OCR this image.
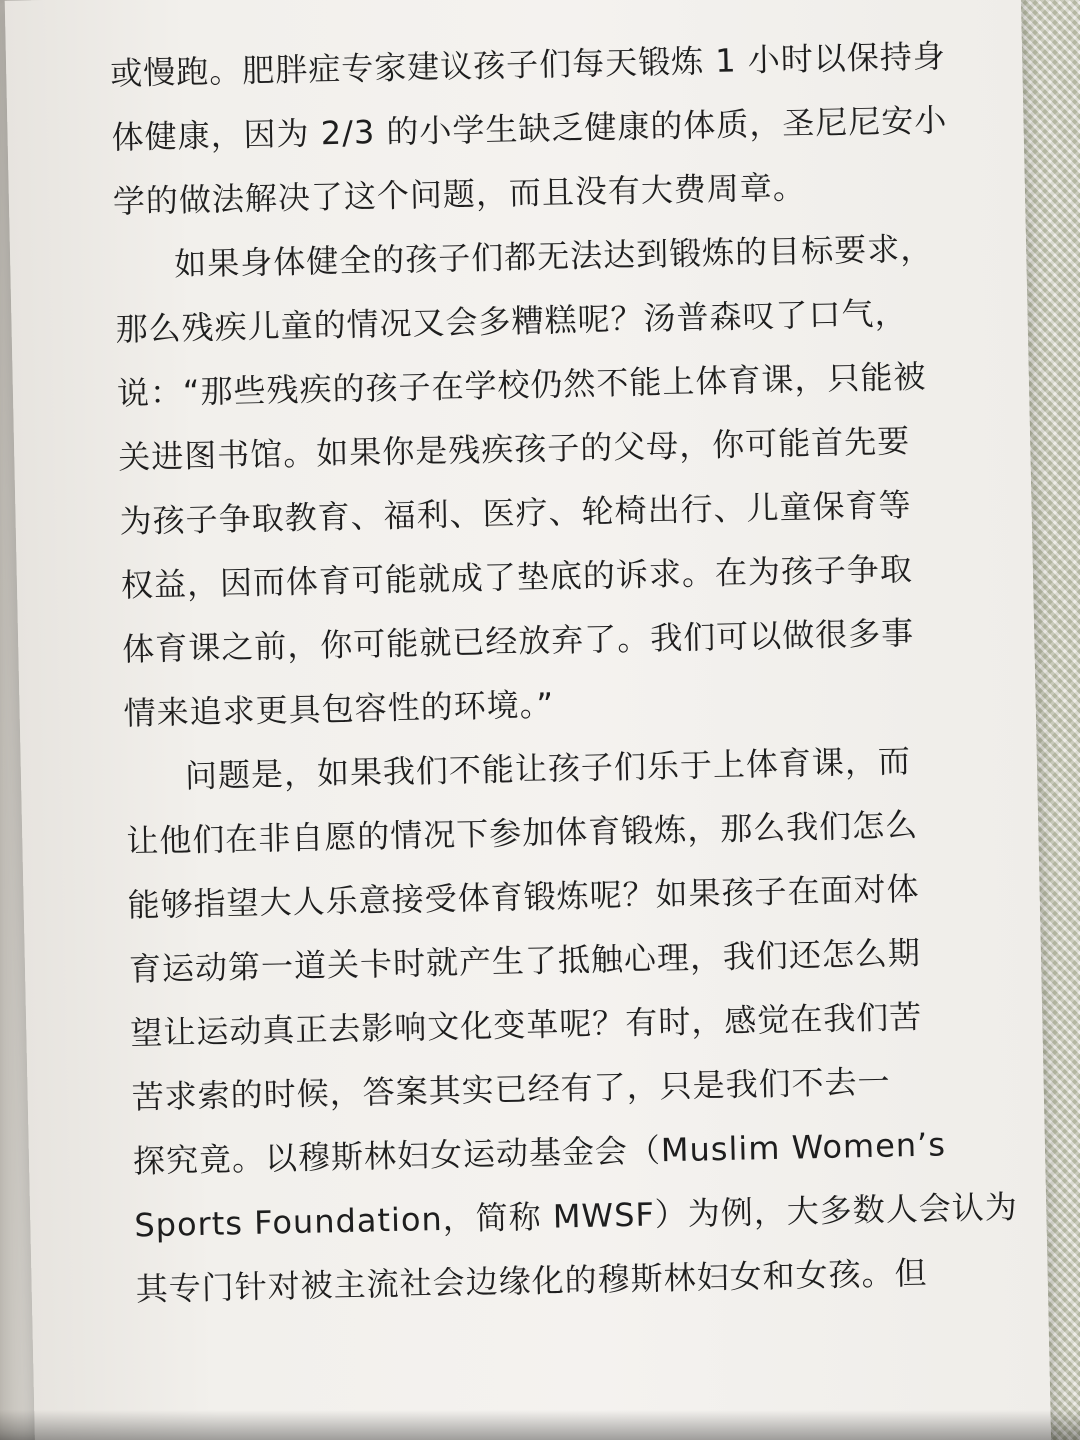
或慢跑。肥胖症专家建议孩子们每天锻炼 1 小时以保持身
体健康，因为 2/3 的小学生缺乏健康的体质，圣尼尼安小
学的做法解决了这个问题，而且没有大费周章。
如果身体健全的孩子们都无法达到锻炼的目标要求，
那么残疾儿童的情况又会多糟糕呢？汤普森叹了口气，
说：“那些残疾的孩子在学校仍然不能上体育课，只能被
关进图书馆。如果你是残疾孩子的父母，你可能首先要
为孩子争取教育、福利、医疗、轮椅出行、儿童保育等
权益，因而体育可能就成了垫底的诉求。在为孩子争取
体育课之前，你可能就已经放弃了。我们可以做很多事
情来追求更具包容性的环境。”
问题是，如果我们不能让孩子们乐于上体育课，而
让他们在非自愿的情况下参加体育锻炼，那么我们怎么
能够指望大人乐意接受体育锻炼呢？如果孩子在面对体
育运动第一道关卡时就产生了抵触心理，我们还怎么期
望让运动真正去影响文化变革呢？有时，感觉在我们苦
苦求索的时候，答案其实已经有了，只是我们不去一
探究竟。以穆斯林妇女运动基金会（Muslim Women’s
Sports Foundation，简称 MWSF）为例，大多数人会认为
其专门针对被主流社会边缘化的穆斯林妇女和女孩。但
